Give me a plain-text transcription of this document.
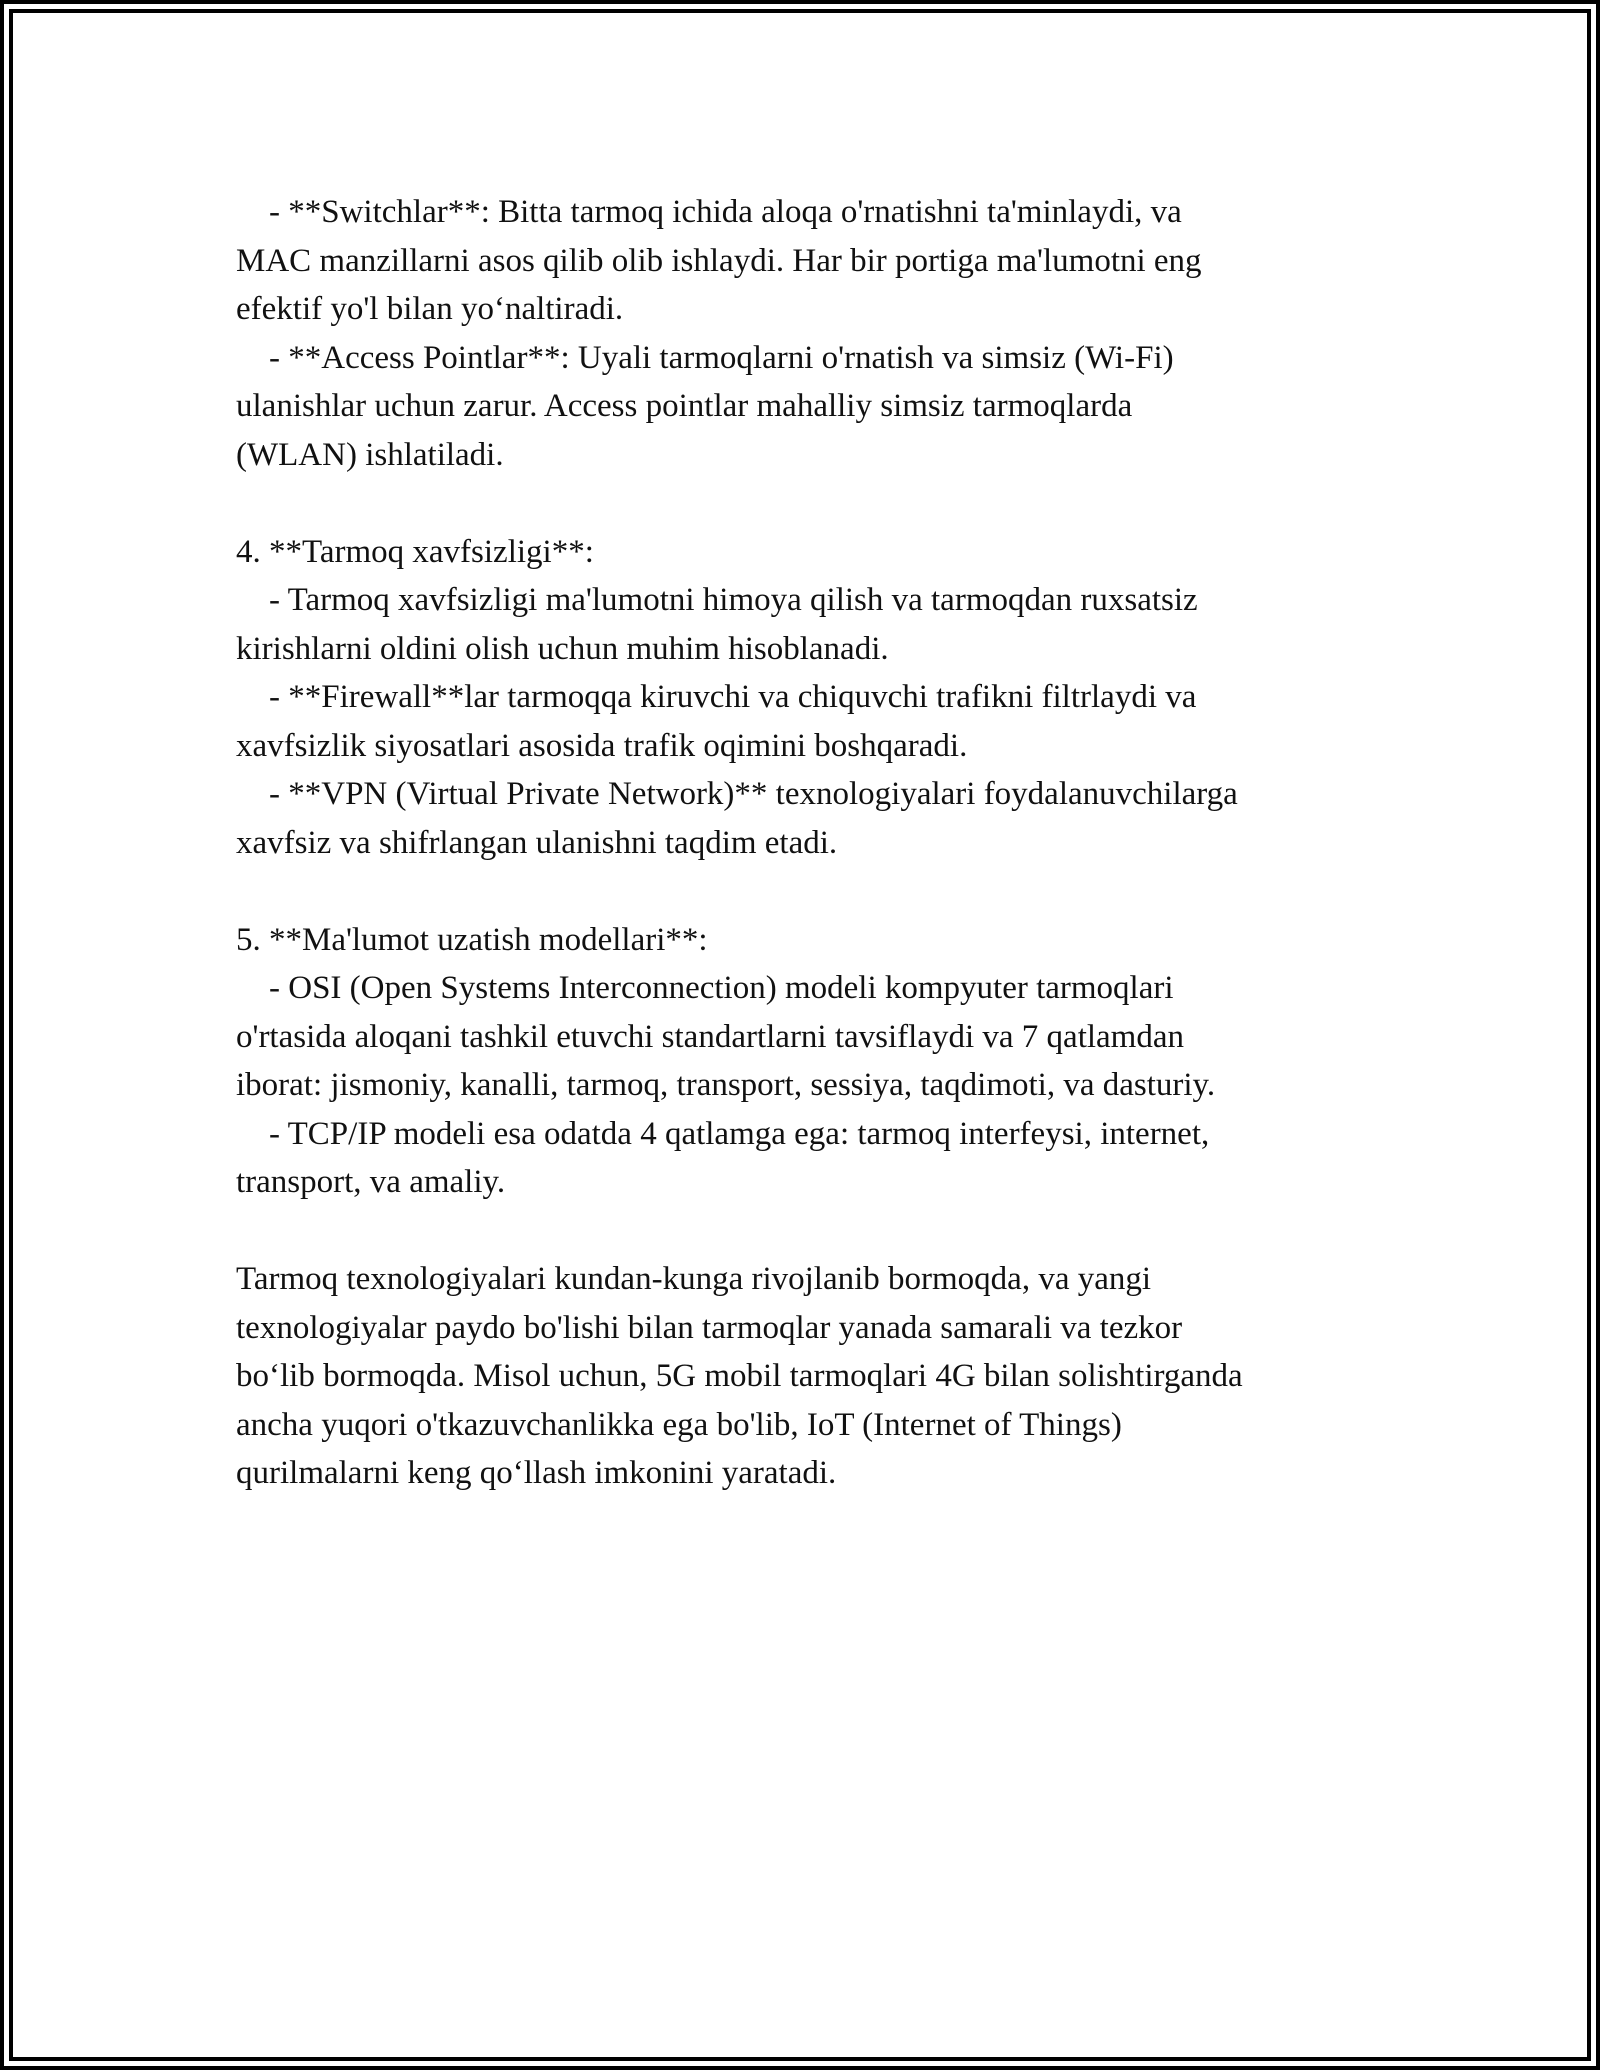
- **Switchlar**: Bitta tarmoq ichida aloqa o'rnatishni ta'minlaydi, va
MAC manzillarni asos qilib olib ishlaydi. Har bir portiga ma'lumotni eng
efektif yo'l bilan yo‘naltiradi.
- **Access Pointlar**: Uyali tarmoqlarni o'rnatish va simsiz (Wi-Fi)
ulanishlar uchun zarur. Access pointlar mahalliy simsiz tarmoqlarda
(WLAN) ishlatiladi.
4. **Tarmoq xavfsizligi**:
- Tarmoq xavfsizligi ma'lumotni himoya qilish va tarmoqdan ruxsatsiz
kirishlarni oldini olish uchun muhim hisoblanadi.
- **Firewall**lar tarmoqqa kiruvchi va chiquvchi trafikni filtrlaydi va
xavfsizlik siyosatlari asosida trafik oqimini boshqaradi.
- **VPN (Virtual Private Network)** texnologiyalari foydalanuvchilarga
xavfsiz va shifrlangan ulanishni taqdim etadi.
5. **Ma'lumot uzatish modellari**:
- OSI (Open Systems Interconnection) modeli kompyuter tarmoqlari
o'rtasida aloqani tashkil etuvchi standartlarni tavsiflaydi va 7 qatlamdan
iborat: jismoniy, kanalli, tarmoq, transport, sessiya, taqdimoti, va dasturiy.
- TCP/IP modeli esa odatda 4 qatlamga ega: tarmoq interfeysi, internet,
transport, va amaliy.
Tarmoq texnologiyalari kundan-kunga rivojlanib bormoqda, va yangi
texnologiyalar paydo bo'lishi bilan tarmoqlar yanada samarali va tezkor
bo‘lib bormoqda. Misol uchun, 5G mobil tarmoqlari 4G bilan solishtirganda
ancha yuqori o'tkazuvchanlikka ega bo'lib, IoT (Internet of Things)
qurilmalarni keng qo‘llash imkonini yaratadi.
